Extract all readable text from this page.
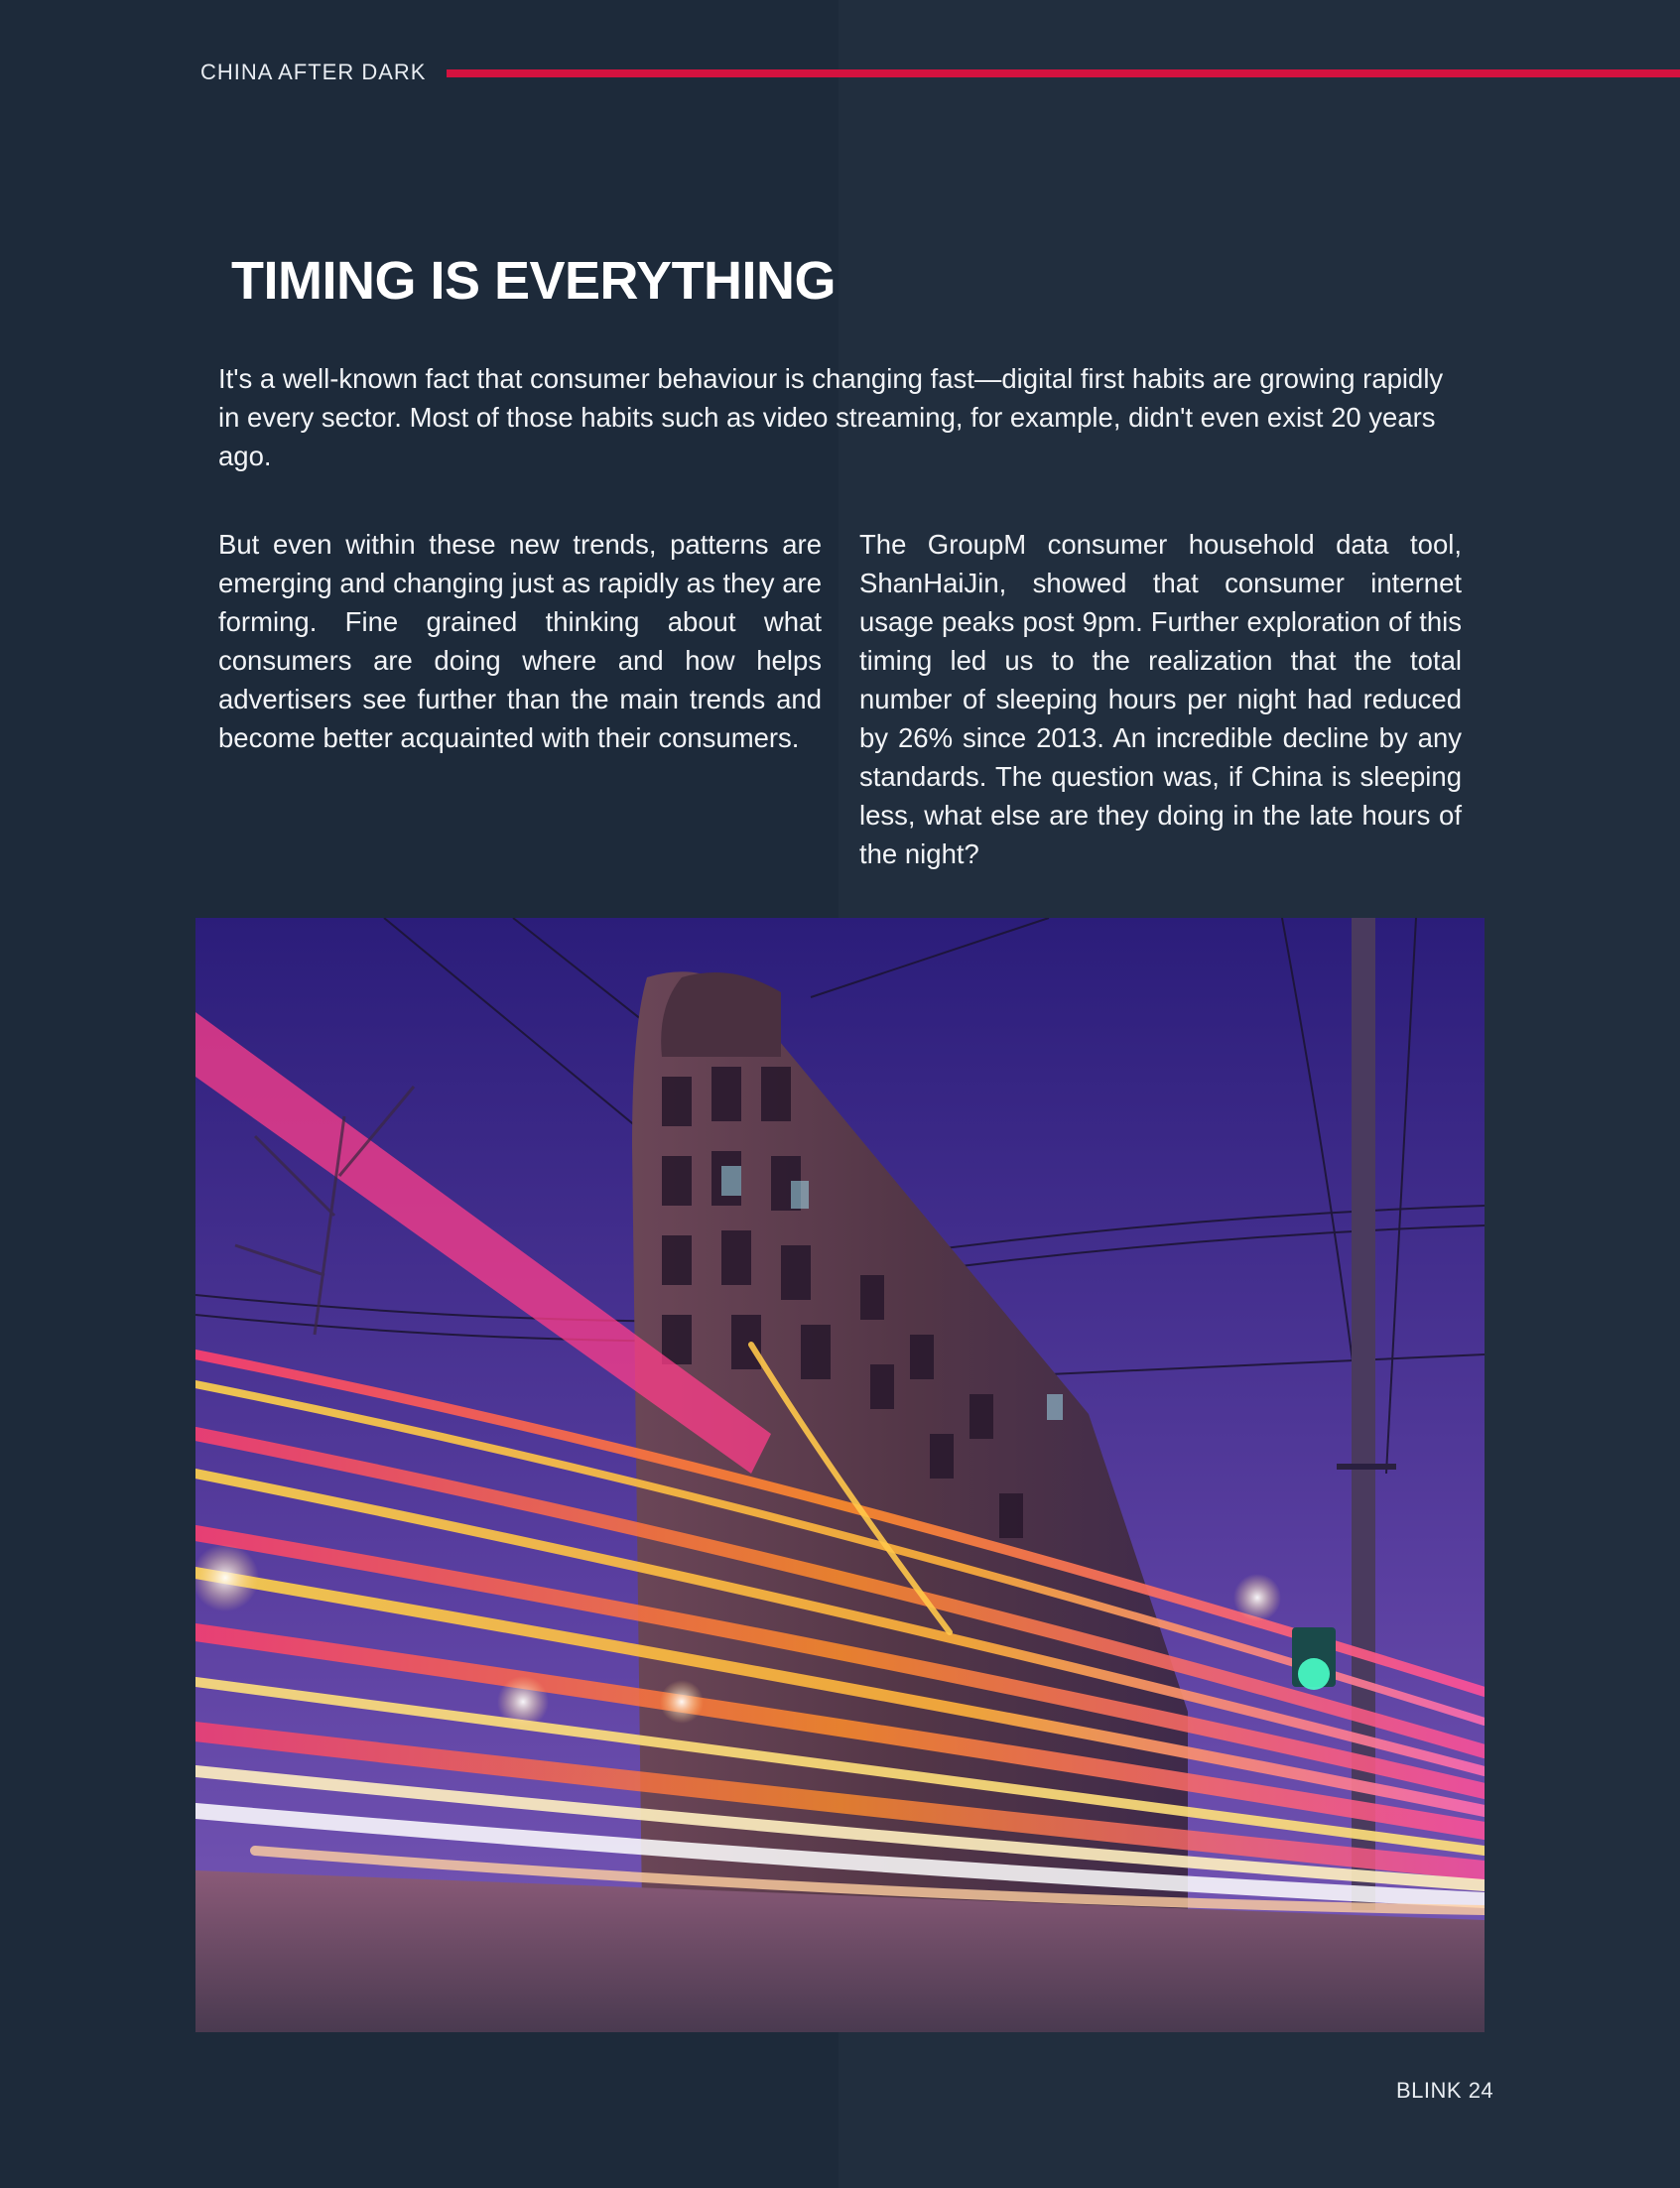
CHINA AFTER DARK
TIMING IS EVERYTHING

It's a well-known fact that consumer behaviour is changing fast—digital first habits are growing rapidly in every sector. Most of those habits such as video streaming, for example, didn't even exist 20 years ago.

But even within these new trends, patterns are emerging and changing just as rapidly as they are forming. Fine grained thinking about what consumers are doing where and how helps advertisers see further than the main trends and become better acquainted with their consumers.

The GroupM consumer household data tool, ShanHaiJin, showed that consumer internet usage peaks post 9pm. Further exploration of this timing led us to the realization that the total number of sleeping hours per night had reduced by 26% since 2013. An incredible decline by any standards. The question was, if China is sleeping less, what else are they doing in the late hours of the night?

BLINK 24
